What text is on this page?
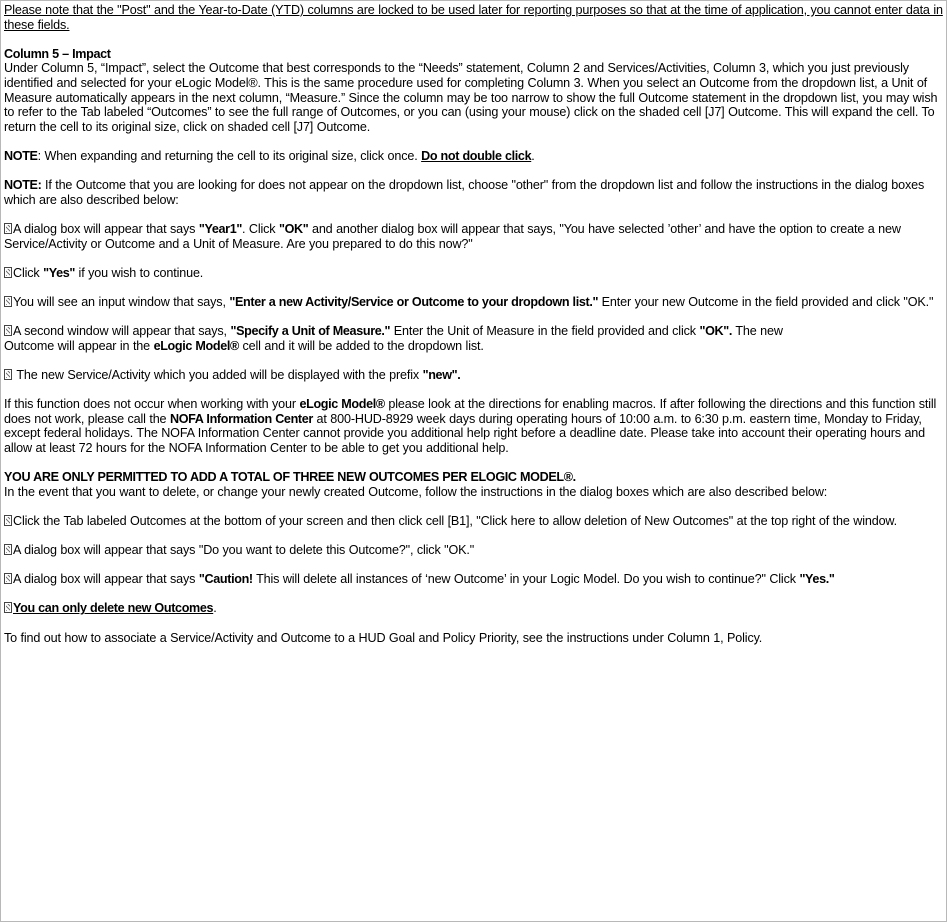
Please note that the "Post" and the Year-to-Date (YTD) columns are locked to be used later for reporting purposes so that at the time of application, you cannot enter data in these fields.

Column 5 – Impact
Under Column 5, “Impact”, select the Outcome that best corresponds to the “Needs” statement, Column 2 and Services/Activities, Column 3, which you just previously identified and selected for your eLogic Model®. This is the same procedure used for completing Column 3. When you select an Outcome from the dropdown list, a Unit of Measure automatically appears in the next column, “Measure.” Since the column may be too narrow to show the full Outcome statement in the dropdown list, you may wish to refer to the Tab labeled “Outcomes” to see the full range of Outcomes, or you can (using your mouse) click on the shaded cell [J7] Outcome. This will expand the cell. To return the cell to its original size, click on shaded cell [J7] Outcome.

NOTE: When expanding and returning the cell to its original size, click once. Do not double click.

NOTE: If the Outcome that you are looking for does not appear on the dropdown list, choose "other" from the dropdown list and follow the instructions in the dialog boxes which are also described below:

A dialog box will appear that says "Year1". Click "OK" and another dialog box will appear that says, "You have selected ’other’ and have the option to create a new Service/Activity or Outcome and a Unit of Measure. Are you prepared to do this now?"

Click "Yes" if you wish to continue.

You will see an input window that says, "Enter a new Activity/Service or Outcome to your dropdown list." Enter your new Outcome in the field provided and click "OK."

A second window will appear that says, "Specify a Unit of Measure." Enter the Unit of Measure in the field provided and click "OK". The new
Outcome will appear in the eLogic Model® cell and it will be added to the dropdown list.

The new Service/Activity which you added will be displayed with the prefix "new".

If this function does not occur when working with your eLogic Model® please look at the directions for enabling macros. If after following the directions and this function still does not work, please call the NOFA Information Center at 800-HUD-8929 week days during operating hours of 10:00 a.m. to 6:30 p.m. eastern time, Monday to Friday, except federal holidays. The NOFA Information Center cannot provide you additional help right before a deadline date. Please take into account their operating hours and allow at least 72 hours for the NOFA Information Center to be able to get you additional help.

YOU ARE ONLY PERMITTED TO ADD A TOTAL OF THREE NEW OUTCOMES PER ELOGIC MODEL®.
In the event that you want to delete, or change your newly created Outcome, follow the instructions in the dialog boxes which are also described below:

Click the Tab labeled Outcomes at the bottom of your screen and then click cell [B1], "Click here to allow deletion of New Outcomes" at the top right of the window.

A dialog box will appear that says "Do you want to delete this Outcome?", click "OK."

A dialog box will appear that says "Caution! This will delete all instances of ‘new Outcome’ in your Logic Model. Do you wish to continue?" Click "Yes."

You can only delete new Outcomes.

To find out how to associate a Service/Activity and Outcome to a HUD Goal and Policy Priority, see the instructions under Column 1, Policy.
